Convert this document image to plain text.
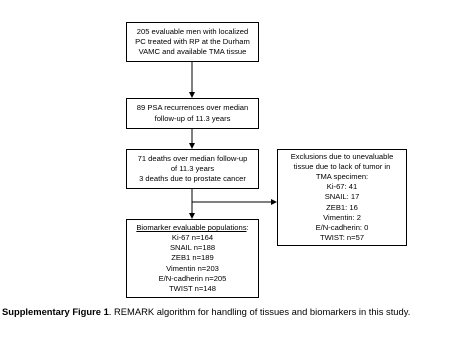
205 evaluable men with localized
PC treated with RP at the Durham
VAMC and available TMA tissue
89 PSA recurrences over median
follow-up of 11.3 years
71 deaths over median follow-up
of 11.3 years
3 deaths due to prostate cancer
Exclusions due to unevaluable
tissue due to lack of tumor in
TMA specimen:
Ki-67: 41
SNAIL: 17
ZEB1: 16
Vimentin: 2
E/N-cadherin: 0
TWIST: n=57
Biomarker evaluable populations:
Ki-67 n=164
SNAIL n=188
ZEB1 n=189
Vimentin n=203
E/N-cadherin n=205
TWIST n=148
Supplementary Figure 1. REMARK algorithm for handling of tissues and biomarkers in this study.
